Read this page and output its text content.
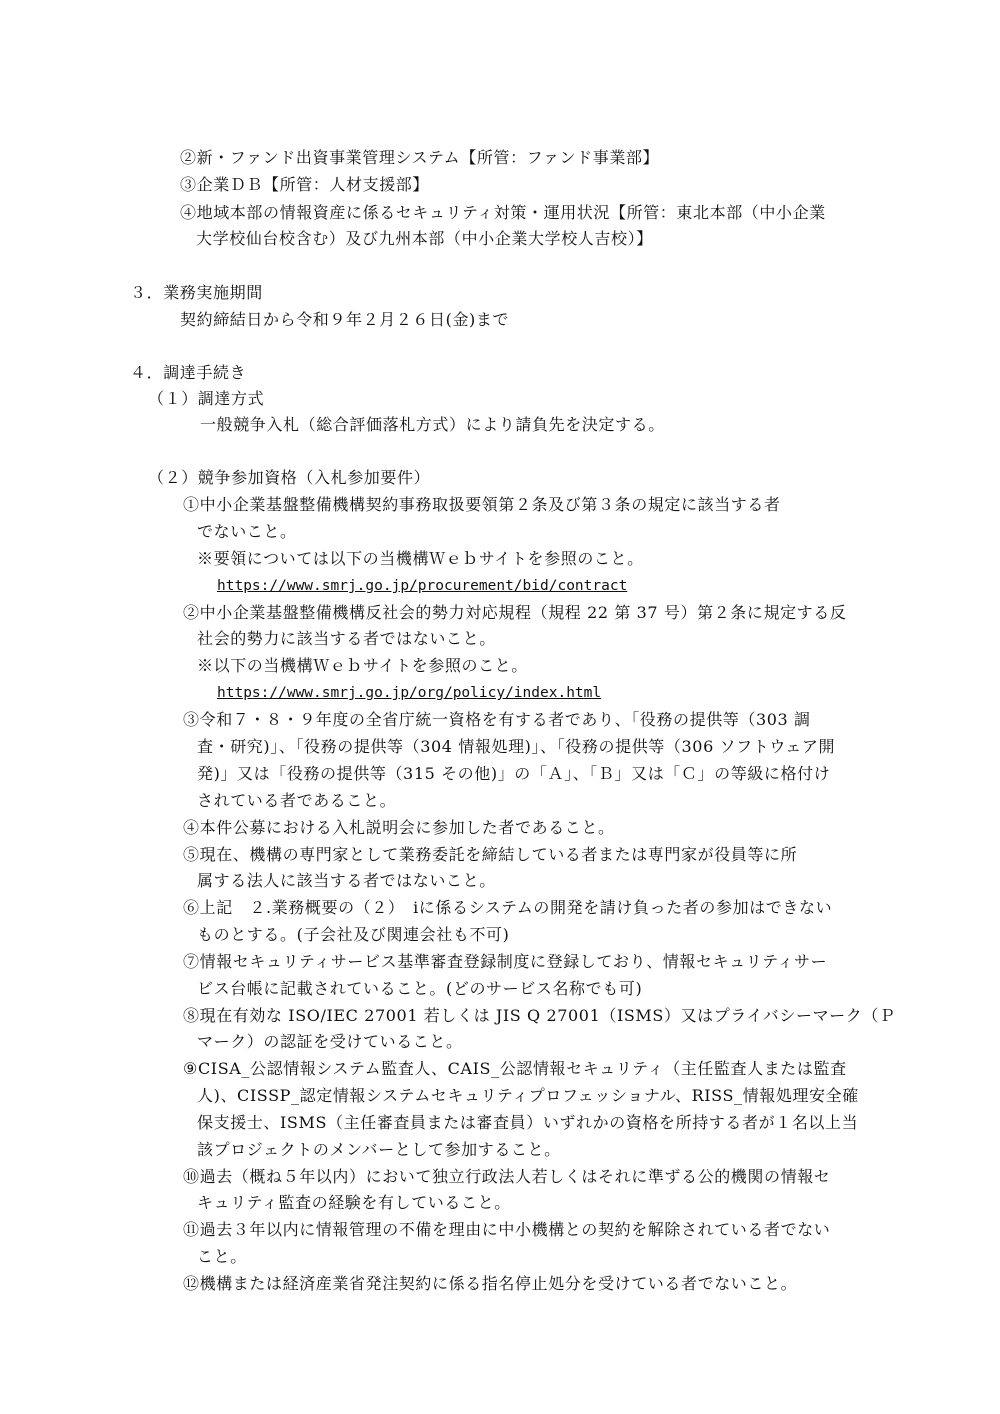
②新・ファンド出資事業管理システム【所管：ファンド事業部】
③企業ＤＢ【所管：人材支援部】
④地域本部の情報資産に係るセキュリティ対策・運用状況【所管：東北本部（中小企業
大学校仙台校含む）及び九州本部（中小企業大学校人吉校）】
３．業務実施期間
契約締結日から令和９年２月２６日(金)まで
４．調達手続き
（１）調達方式
一般競争入札（総合評価落札方式）により請負先を決定する。
（２）競争参加資格（入札参加要件）
①中小企業基盤整備機構契約事務取扱要領第２条及び第３条の規定に該当する者
でないこと。
※要領については以下の当機構Ｗｅｂサイトを参照のこと。
https://www.smrj.go.jp/procurement/bid/contract
②中小企業基盤整備機構反社会的勢力対応規程（規程 22 第 37 号）第２条に規定する反
社会的勢力に該当する者ではないこと。
※以下の当機構Ｗｅｂサイトを参照のこと。
https://www.smrj.go.jp/org/policy/index.html
③令和７・８・９年度の全省庁統一資格を有する者であり、「役務の提供等（303 調
査・研究)」、「役務の提供等（304 情報処理)」、「役務の提供等（306 ソフトウェア開
発)」又は「役務の提供等（315 その他)」の「Ａ」、「Ｂ」又は「Ｃ」の等級に格付け
されている者であること。
④本件公募における入札説明会に参加した者であること。
⑤現在、機構の専門家として業務委託を締結している者または専門家が役員等に所
属する法人に該当する者ではないこと。
⑥上記　２.業務概要の（２）　ⅰに係るシステムの開発を請け負った者の参加はできない
ものとする。(子会社及び関連会社も不可)
⑦情報セキュリティサービス基準審査登録制度に登録しており、情報セキュリティサー
ビス台帳に記載されていること。(どのサービス名称でも可)
⑧現在有効な ISO/IEC 27001 若しくは JIS Q 27001（ISMS）又はプライバシーマーク（Ｐ
マーク）の認証を受けていること。
⑨CISA_公認情報システム監査人、CAIS_公認情報セキュリティ（主任監査人または監査
人)、CISSP_認定情報システムセキュリティプロフェッショナル、RISS_情報処理安全確
保支援士、ISMS（主任審査員または審査員）いずれかの資格を所持する者が１名以上当
該プロジェクトのメンバーとして参加すること。
⑩過去（概ね５年以内）において独立行政法人若しくはそれに準ずる公的機関の情報セ
キュリティ監査の経験を有していること。
⑪過去３年以内に情報管理の不備を理由に中小機構との契約を解除されている者でない
こと。
⑫機構または経済産業省発注契約に係る指名停止処分を受けている者でないこと。
